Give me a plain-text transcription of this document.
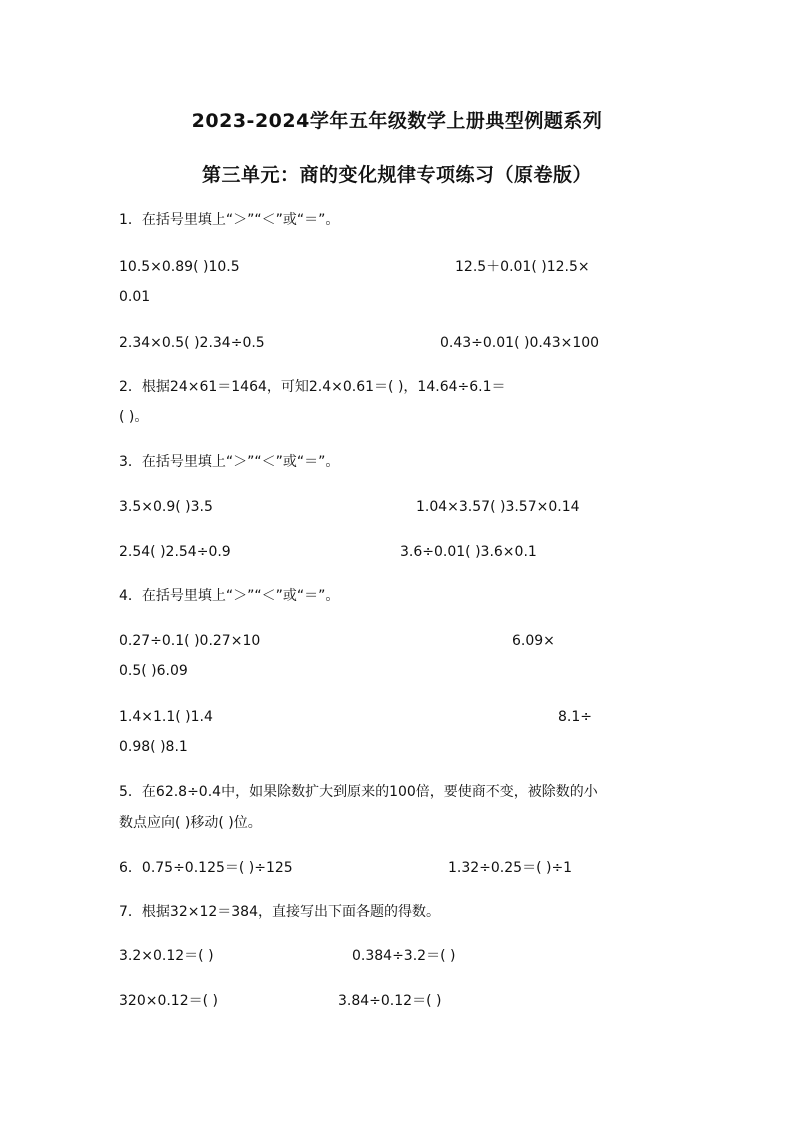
2023-2024学年五年级数学上册典型例题系列
第三单元：商的变化规律专项练习（原卷版）
1．在括号里填上“＞”“＜”或“＝”。
10.5×0.89( )10.5	12.5＋0.01( )12.5×
0.01
2.34×0.5( )2.34÷0.5	0.43÷0.01( )0.43×100
2．根据24×61＝1464，可知2.4×0.61＝( )，14.64÷6.1＝
( )。
3．在括号里填上“＞”“＜”或“＝”。
3.5×0.9( )3.5	1.04×3.57( )3.57×0.14
2.54( )2.54÷0.9	3.6÷0.01( )3.6×0.1
4．在括号里填上“＞”“＜”或“＝”。
0.27÷0.1( )0.27×10	6.09×
0.5( )6.09
1.4×1.1( )1.4	8.1÷
0.98( )8.1
5．在62.8÷0.4中，如果除数扩大到原来的100倍，要使商不变，被除数的小
数点应向( )移动( )位。
6．0.75÷0.125＝( )÷125	1.32÷0.25＝( )÷1
7．根据32×12＝384，直接写出下面各题的得数。
3.2×0.12＝( )	0.384÷3.2＝( )
320×0.12＝( )	3.84÷0.12＝( )
